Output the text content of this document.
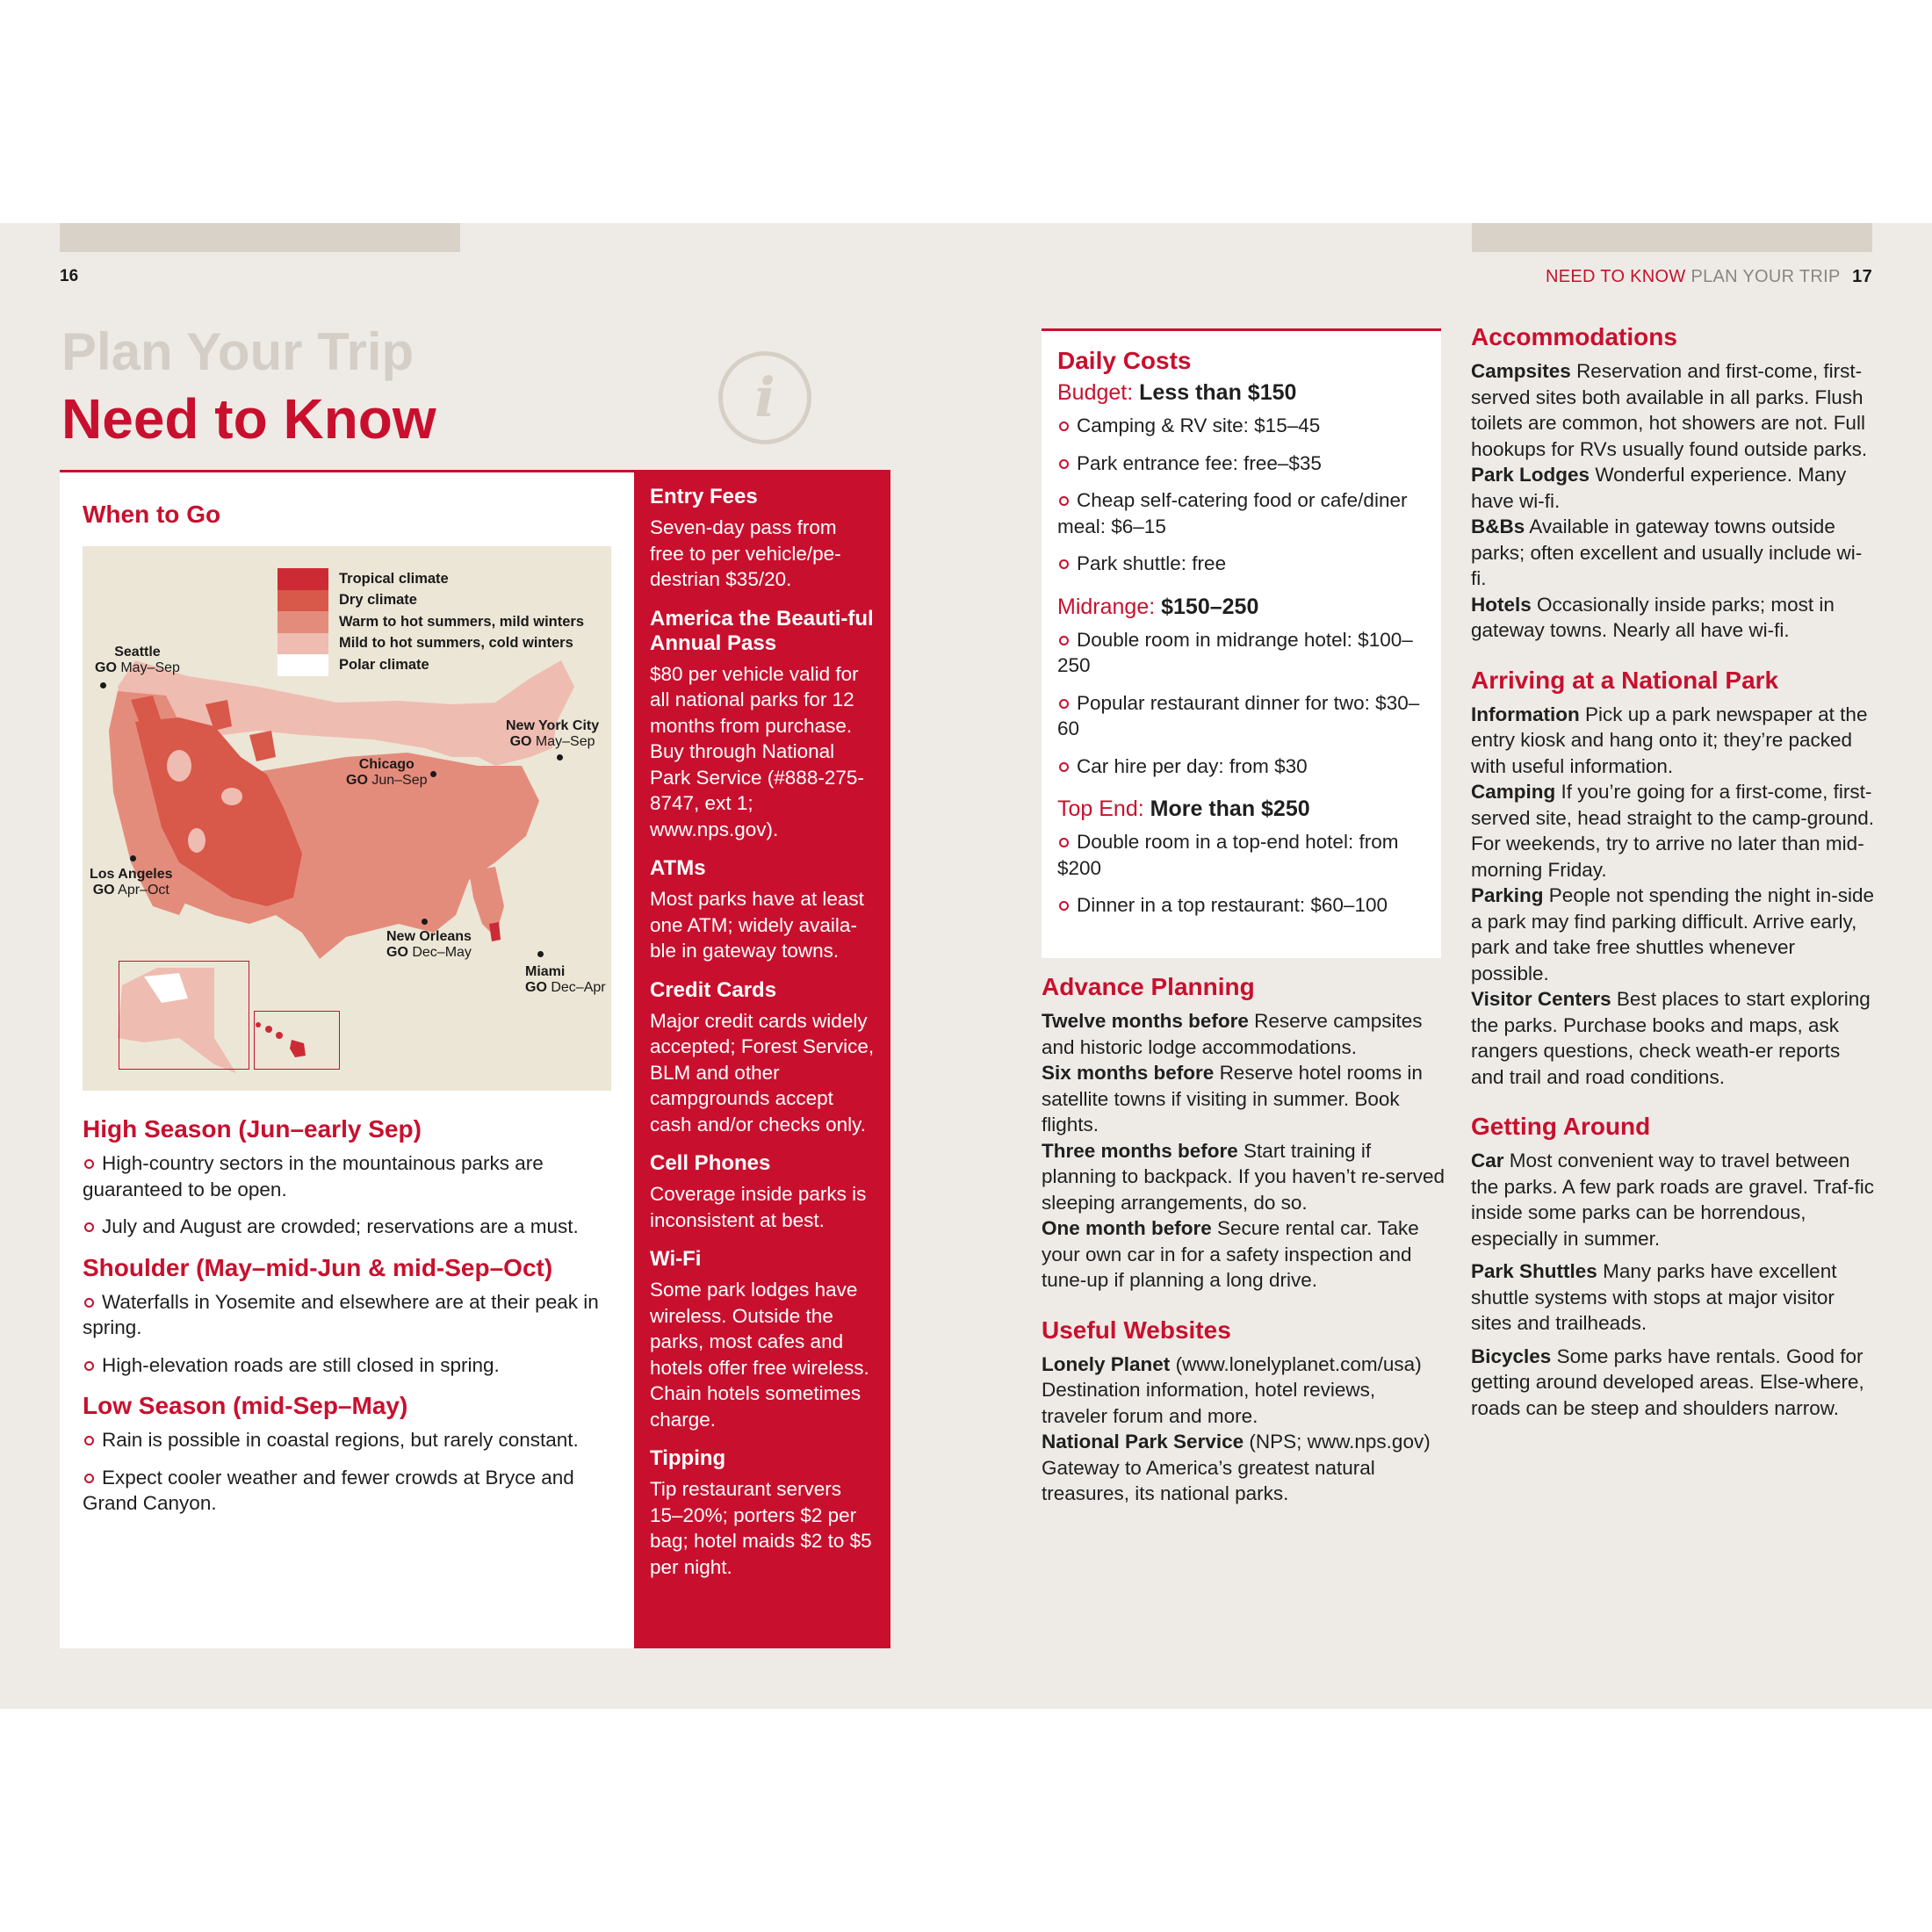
16	NEED TO KNOW PLAN YOUR TRIP 17
Plan Your Trip
Need to Know	i
When to Go
Tropical climate
Dry climate
Warm to hot summers, mild winters
Mild to hot summers, cold winters
Polar climate
Seattle
GO May–Sep
New York City
GO May–Sep
Chicago
GO Jun–Sep
Los Angeles
GO Apr–Oct
New Orleans
GO Dec–May
Miami
GO Dec–Apr
High Season (Jun–early Sep)
High-country sectors in the mountainous parks are guaranteed to be open.
July and August are crowded; reservations are a must.
Shoulder (May–mid-Jun & mid-Sep–Oct)
Waterfalls in Yosemite and elsewhere are at their peak in spring.
High-elevation roads are still closed in spring.
Low Season (mid-Sep–May)
Rain is possible in coastal regions, but rarely constant.
Expect cooler weather and fewer crowds at Bryce and Grand Canyon.
Entry Fees

Seven-day pass from free to per vehicle/pe-destrian $35/20.

America the Beauti-ful Annual Pass

$80 per vehicle valid for all national parks for 12 months from purchase. Buy through National Park Service (#888-275-8747, ext 1; www.nps.gov).

ATMs

Most parks have at least one ATM; widely availa-ble in gateway towns.

Credit Cards

Major credit cards widely accepted; Forest Service, BLM and other campgrounds accept cash and/or checks only.

Cell Phones

Coverage inside parks is inconsistent at best.

Wi-Fi

Some park lodges have wireless. Outside the parks, most cafes and hotels offer free wireless. Chain hotels sometimes charge.

Tipping

Tip restaurant servers 15–20%; porters $2 per bag; hotel maids $2 to $5 per night.

Daily Costs
Budget: Less than $150
Camping & RV site: $15–45
Park entrance fee: free–$35
Cheap self-catering food or cafe/diner meal: $6–15
Park shuttle: free
Midrange: $150–250
Double room in midrange hotel: $100–250
Popular restaurant dinner for two: $30–60
Car hire per day: from $30
Top End: More than $250
Double room in a top-end hotel: from $200
Dinner in a top restaurant: $60–100
Advance Planning
Twelve months before Reserve campsites and historic lodge accommodations.
Six months before Reserve hotel rooms in satellite towns if visiting in summer. Book flights.
Three months before Start training if planning to backpack. If you haven’t re-served sleeping arrangements, do so.
One month before Secure rental car. Take your own car in for a safety inspection and tune-up if planning a long drive.
Useful Websites
Lonely Planet (www.lonelyplanet.com/usa) Destination information, hotel reviews, traveler forum and more.
National Park Service (NPS; www.nps.gov) Gateway to America’s greatest natural treasures, its national parks.
Accommodations
Campsites Reservation and first-come, first-served sites both available in all parks. Flush toilets are common, hot showers are not. Full hookups for RVs usually found outside parks.
Park Lodges Wonderful experience. Many have wi-fi.
B&Bs Available in gateway towns outside parks; often excellent and usually include wi-fi.
Hotels Occasionally inside parks; most in gateway towns. Nearly all have wi-fi.
Arriving at a National Park
Information Pick up a park newspaper at the entry kiosk and hang onto it; they’re packed with useful information.
Camping If you’re going for a first-come, first-served site, head straight to the camp-ground. For weekends, try to arrive no later than mid-morning Friday.
Parking People not spending the night in-side a park may find parking difficult. Arrive early, park and take free shuttles whenever possible.
Visitor Centers Best places to start exploring the parks. Purchase books and maps, ask rangers questions, check weath-er reports and trail and road conditions.
Getting Around
Car Most convenient way to travel between the parks. A few park roads are gravel. Traf-fic inside some parks can be horrendous, especially in summer.
Park Shuttles Many parks have excellent shuttle systems with stops at major visitor sites and trailheads.
Bicycles Some parks have rentals. Good for getting around developed areas. Else-where, roads can be steep and shoulders narrow.
